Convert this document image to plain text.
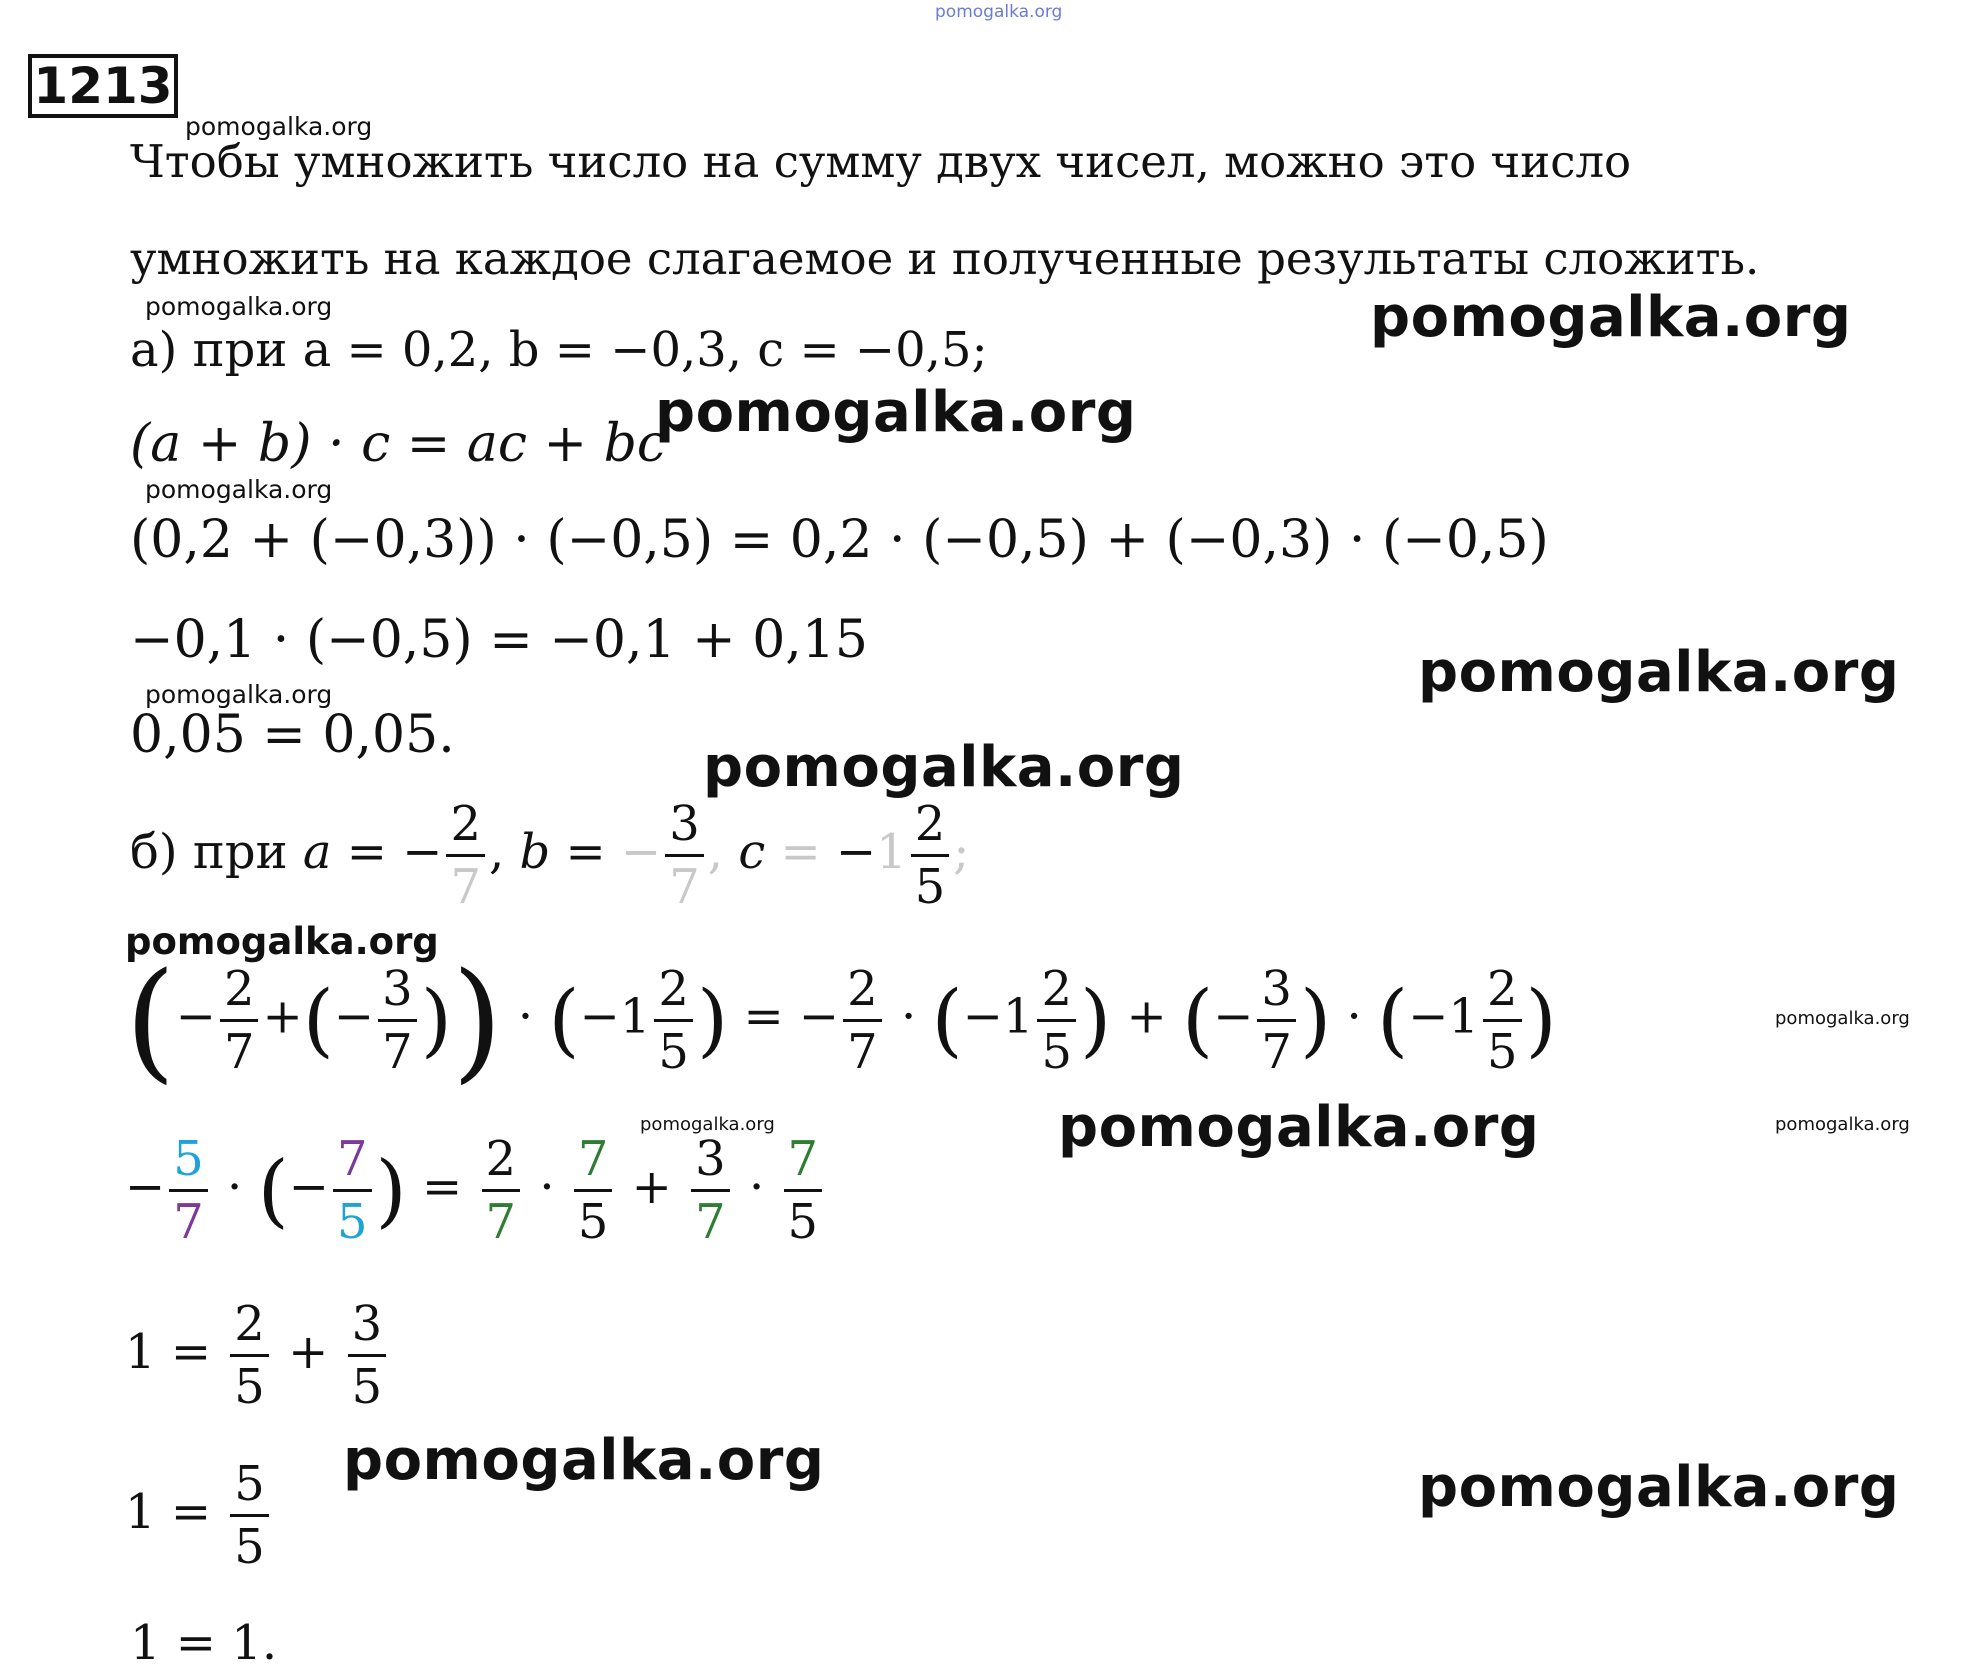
pomogalka.org
pomogalka.org
pomogalka.org	pomogalka.org
pomogalka.org
pomogalka.org
pomogalka.org	pomogalka.org
pomogalka.org
pomogalka.org
pomogalka.org
pomogalka.org	pomogalka.org
pomogalka.org
pomogalka.org	pomogalka.org
1213
Чтобы умножить число на сумму двух чисел, можно это число
умножить на каждое слагаемое и полученные результаты сложить.
а) при a = 0,2, b = −0,3, c = −0,5;
(a + b) · c = ac + bc
(0,2 + (−0,3)) · (−0,5) = 0,2 · (−0,5) + (−0,3) · (−0,5)
−0,1 · (−0,5) = −0,1 + 0,15
0,05 = 0,05.
б) при a = − $\frac{2}{7}$ , b = − $\frac{3}{7}$ , $c = -1 \frac{2}{5}$ ;
(− $\frac{2}{7}$ +(− $\frac{3}{7}$ )) · ($-1 \frac{2}{5}$ ) = − $\frac{2}{7} \cdot (-1 \frac{2}{5}$ ) + (− $\frac{3}{7}$ ) · ($-1 \frac{2}{5}$ )
− $\frac{5}{7}$ · (− $\frac{7}{5}$ ) = $\frac{2}{7} \cdot \frac{7}{5} + \frac{3}{7} \cdot \frac{7}{5}$
$1 = \frac{2}{5} + \frac{3}{5}$
$1 = \frac{5}{5}$
1 = 1.
